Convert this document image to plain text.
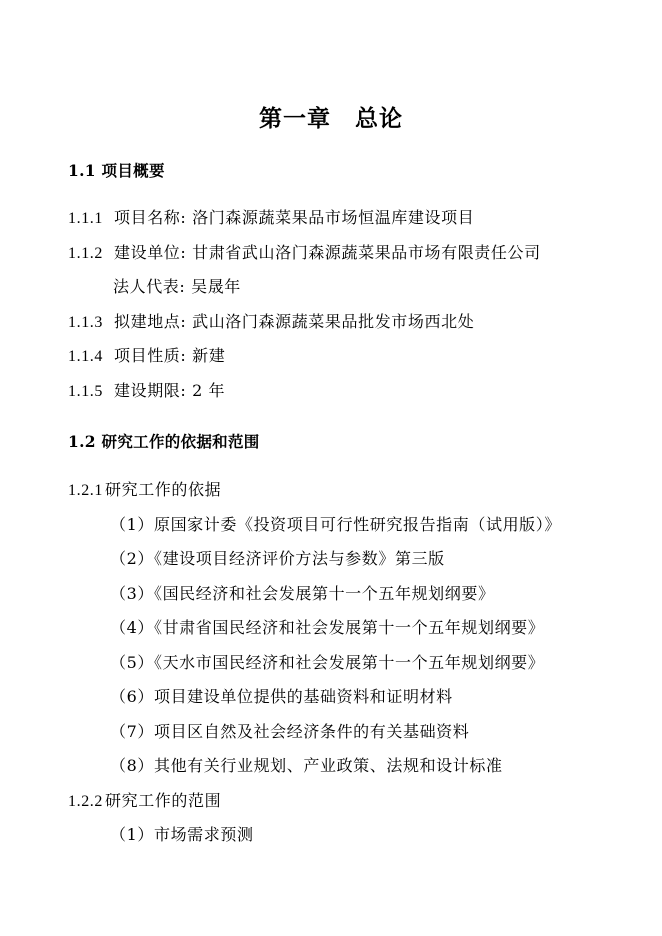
第一章　总论
1.1 项目概要
1.1.1 项目名称: 洛门森源蔬菜果品市场恒温库建设项目
1.1.2 建设单位: 甘肃省武山洛门森源蔬菜果品市场有限责任公司
法人代表: 吴晟年
1.1.3 拟建地点: 武山洛门森源蔬菜果品批发市场西北处
1.1.4 项目性质: 新建
1.1.5 建设期限: 2 年
1.2 研究工作的依据和范围
1.2.1 研究工作的依据
（1）原国家计委《投资项目可行性研究报告指南（试用版）》
（2）《建设项目经济评价方法与参数》第三版
（3）《国民经济和社会发展第十一个五年规划纲要》
（4）《甘肃省国民经济和社会发展第十一个五年规划纲要》
（5）《天水市国民经济和社会发展第十一个五年规划纲要》
（6）项目建设单位提供的基础资料和证明材料
（7）项目区自然及社会经济条件的有关基础资料
（8）其他有关行业规划、产业政策、法规和设计标准
1.2.2 研究工作的范围
（1）市场需求预测
